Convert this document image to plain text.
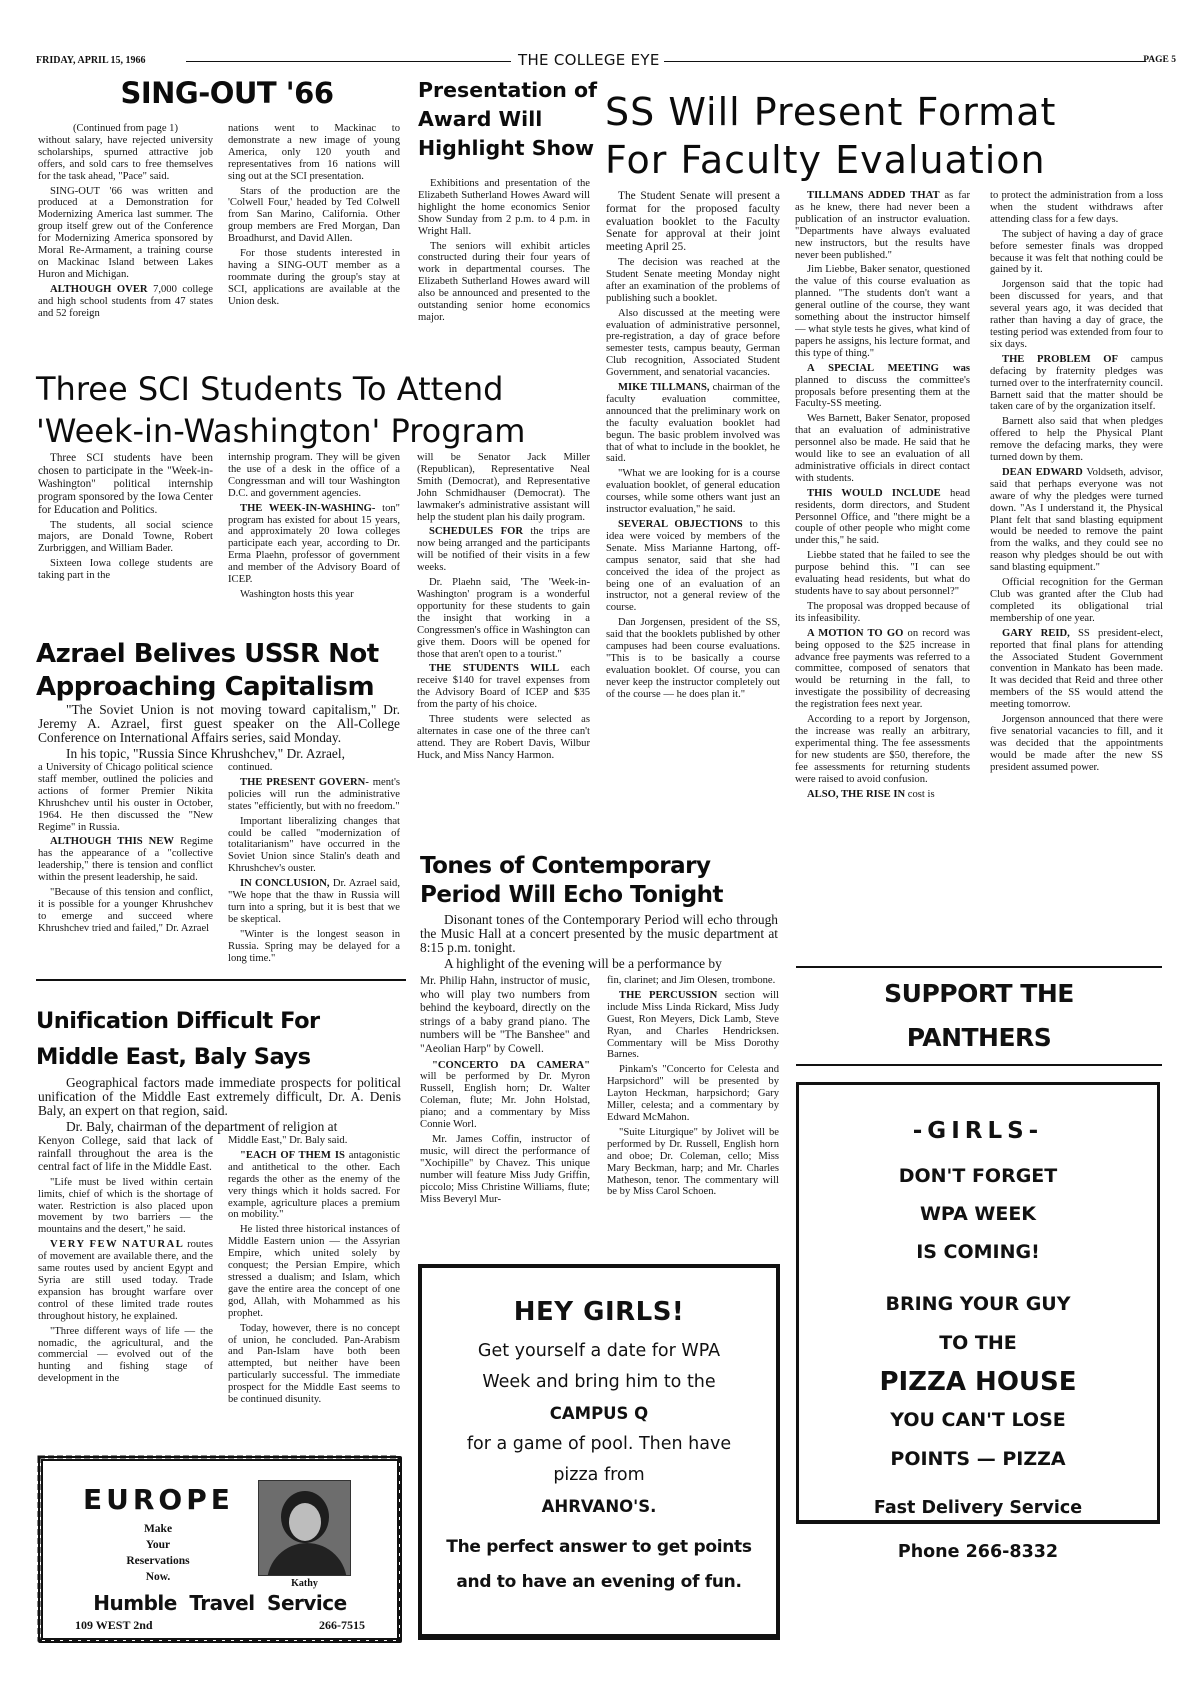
FRIDAY, APRIL 15, 1966	THE COLLEGE EYE	PAGE 5
SING-OUT '66

(Continued from page 1)

without salary, have rejected university scholarships, spurned attractive job offers, and sold cars to free themselves for the task ahead, "Pace" said.

SING-OUT '66 was written and produced at a Demonstration for Modernizing America last summer. The group itself grew out of the Conference for Modernizing America sponsored by Moral Re-Armament, a training course on Mackinac Island between Lakes Huron and Michigan.

ALTHOUGH OVER 7,000 college and high school students from 47 states and 52 foreign

nations went to Mackinac to demonstrate a new image of young America, only 120 youth and representatives from 16 nations will sing out at the SCI presentation.

Stars of the production are the 'Colwell Four,' headed by Ted Colwell from San Marino, California. Other group members are Fred Morgan, Dan Broadhurst, and David Allen.

For those students interested in having a SING-OUT member as a roommate during the group's stay at SCI, applications are available at the Union desk.

Presentation of
Award Will
Highlight Show

Exhibitions and presentation of the Elizabeth Sutherland Howes Award will highlight the home economics Senior Show Sunday from 2 p.m. to 4 p.m. in Wright Hall.

The seniors will exhibit articles constructed during their four years of work in departmental courses. The Elizabeth Sutherland Howes award will also be announced and presented to the outstanding senior home economics major.

SS Will Present Format
For Faculty Evaluation

The Student Senate will present a format for the proposed faculty evaluation booklet to the Faculty Senate for approval at their joint meeting April 25.

The decision was reached at the Student Senate meeting Monday night after an examination of the problems of publishing such a booklet.

Also discussed at the meeting were evaluation of administrative personnel, pre-registration, a day of grace before semester tests, campus beauty, German Club recognition, Associated Student Government, and senatorial vacancies.

MIKE TILLMANS, chairman of the faculty evaluation committee, announced that the preliminary work on the faculty evaluation booklet had begun. The basic problem involved was that of what to include in the booklet, he said.

"What we are looking for is a course evaluation booklet, of general education courses, while some others want just an instructor evaluation," he said.

SEVERAL OBJECTIONS to this idea were voiced by members of the Senate. Miss Marianne Hartong, off-campus senator, said that she had conceived the idea of the project as being one of an evaluation of an instructor, not a general review of the course.

Dan Jorgensen, president of the SS, said that the booklets published by other campuses had been course evaluations. "This is to be basically a course evaluation booklet. Of course, you can never keep the instructor completely out of the course — he does plan it."

TILLMANS ADDED THAT as far as he knew, there had never been a publication of an instructor evaluation. "Departments have always evaluated new instructors, but the results have never been published."

Jim Liebbe, Baker senator, questioned the value of this course evaluation as planned. "The students don't want a general outline of the course, they want something about the instructor himself — what style tests he gives, what kind of papers he assigns, his lecture format, and this type of thing."

A SPECIAL MEETING was planned to discuss the committee's proposals before presenting them at the Faculty-SS meeting.

Wes Barnett, Baker Senator, proposed that an evaluation of administrative personnel also be made. He said that he would like to see an evaluation of all administrative officials in direct contact with students.

THIS WOULD INCLUDE head residents, dorm directors, and Student Personnel Office, and "there might be a couple of other people who might come under this," he said.

Liebbe stated that he failed to see the purpose behind this. "I can see evaluating head residents, but what do students have to say about personnel?"

The proposal was dropped because of its infeasibility.

A MOTION TO GO on record was being opposed to the $25 increase in advance free payments was referred to a committee, composed of senators that would be returning in the fall, to investigate the possibility of decreasing the registration fees next year.

According to a report by Jorgenson, the increase was really an arbitrary, experimental thing. The fee assessments for new students are $50, therefore, the fee assessments for returning students were raised to avoid confusion.

ALSO, THE RISE IN cost is

to protect the administration from a loss when the student withdraws after attending class for a few days.

The subject of having a day of grace before semester finals was dropped because it was felt that nothing could be gained by it.

Jorgenson said that the topic had been discussed for years, and that several years ago, it was decided that rather than having a day of grace, the testing period was extended from four to six days.

THE PROBLEM OF campus defacing by fraternity pledges was turned over to the interfraternity council. Barnett said that the matter should be taken care of by the organization itself.

Barnett also said that when pledges offered to help the Physical Plant remove the defacing marks, they were turned down by them.

DEAN EDWARD Voldseth, advisor, said that perhaps everyone was not aware of why the pledges were turned down. "As I understand it, the Physical Plant felt that sand blasting equipment would be needed to remove the paint from the walks, and they could see no reason why pledges should be out with sand blasting equipment."

Official recognition for the German Club was granted after the Club had completed its obligational trial membership of one year.

GARY REID, SS president-elect, reported that final plans for attending the Associated Student Government convention in Mankato has been made. It was decided that Reid and three other members of the SS would attend the meeting tomorrow.

Jorgenson announced that there were five senatorial vacancies to fill, and it was decided that the appointments would be made after the new SS president assumed power.

Three SCI Students To Attend
'Week-in-Washington' Program

Three SCI students have been chosen to participate in the "Week-in-Washington" political internship program sponsored by the Iowa Center for Education and Politics.

The students, all social science majors, are Donald Towne, Robert Zurbriggen, and William Bader.

Sixteen Iowa college students are taking part in the

internship program. They will be given the use of a desk in the office of a Congressman and will tour Washington D.C. and government agencies.

THE WEEK-IN-WASHING- ton" program has existed for about 15 years, and approximately 20 Iowa colleges participate each year, according to Dr. Erma Plaehn, professor of government and member of the Advisory Board of ICEP.

Washington hosts this year

will be Senator Jack Miller (Republican), Representative Neal Smith (Democrat), and Representative John Schmidhauser (Democrat). The lawmaker's administrative assistant will help the student plan his daily program.

SCHEDULES FOR the trips are now being arranged and the participants will be notified of their visits in a few weeks.

Dr. Plaehn said, 'The 'Week-in-Washington' program is a wonderful opportunity for these students to gain the insight that working in a Congressmen's office in Washington can give them. Doors will be opened for those that aren't open to a tourist."

THE STUDENTS WILL each receive $140 for travel expenses from the Advisory Board of ICEP and $35 from the party of his choice.

Three students were selected as alternates in case one of the three can't attend. They are Robert Davis, Wilbur Huck, and Miss Nancy Harmon.

Azrael Belives USSR Not
Approaching Capitalism

"The Soviet Union is not moving toward capitalism," Dr. Jeremy A. Azrael, first guest speaker on the All-College Conference on International Affairs series, said Monday.

In his topic, "Russia Since Khrushchev," Dr. Azrael,

a University of Chicago political science staff member, outlined the policies and actions of former Premier Nikita Khrushchev until his ouster in October, 1964. He then discussed the "New Regime" in Russia.

ALTHOUGH THIS NEW Regime has the appearance of a "collective leadership," there is tension and conflict within the present leadership, he said.

"Because of this tension and conflict, it is possible for a younger Khrushchev to emerge and succeed where Khrushchev tried and failed," Dr. Azrael

continued.

THE PRESENT GOVERN- ment's policies will run the administrative states "efficiently, but with no freedom."

Important liberalizing changes that could be called "modernization of totalitarianism" have occurred in the Soviet Union since Stalin's death and Khrushchev's ouster.

IN CONCLUSION, Dr. Azrael said, "We hope that the thaw in Russia will turn into a spring, but it is best that we be skeptical.

"Winter is the longest season in Russia. Spring may be delayed for a long time."

Tones of Contemporary
Period Will Echo Tonight

Disonant tones of the Contemporary Period will echo through the Music Hall at a concert presented by the music department at 8:15 p.m. tonight.

A highlight of the evening will be a performance by

Mr. Philip Hahn, instructor of music, who will play two numbers from behind the keyboard, directly on the strings of a baby grand piano. The numbers will be "The Banshee" and "Aeolian Harp" by Cowell.

"CONCERTO DA CAMERA" will be performed by Dr. Myron Russell, English horn; Dr. Walter Coleman, flute; Mr. John Holstad, piano; and a commentary by Miss Connie Worl.

Mr. James Coffin, instructor of music, will direct the performance of "Xochipille" by Chavez. This unique number will feature Miss Judy Griffin, piccolo; Miss Christine Williams, flute; Miss Beveryl Mur-

fin, clarinet; and Jim Olesen, trombone.

THE PERCUSSION section will include Miss Linda Rickard, Miss Judy Guest, Ron Meyers, Dick Lamb, Steve Ryan, and Charles Hendricksen. Commentary will be Miss Dorothy Barnes.

Pinkam's "Concerto for Celesta and Harpsichord" will be presented by Layton Heckman, harpsichord; Gary Miller, celesta; and a commentary by Edward McMahon.

"Suite Liturgique" by Jolivet will be performed by Dr. Russell, English horn and oboe; Dr. Coleman, cello; Miss Mary Beckman, harp; and Mr. Charles Matheson, tenor. The commentary will be by Miss Carol Schoen.

Unification Difficult For
Middle East, Baly Says

Geographical factors made immediate prospects for political unification of the Middle East extremely difficult, Dr. A. Denis Baly, an expert on that region, said.

Dr. Baly, chairman of the department of religion at

Kenyon College, said that lack of rainfall throughout the area is the central fact of life in the Middle East.

"Life must be lived within certain limits, chief of which is the shortage of water. Restriction is also placed upon movement by two barriers — the mountains and the desert," he said.

VERY FEW NATURAL routes of movement are available there, and the same routes used by ancient Egypt and Syria are still used today. Trade expansion has brought warfare over control of these limited trade routes throughout history, he explained.

"Three different ways of life — the nomadic, the agricultural, and the commercial — evolved out of the hunting and fishing stage of development in the

Middle East," Dr. Baly said.

"EACH OF THEM IS antagonistic and antithetical to the other. Each regards the other as the enemy of the very things which it holds sacred. For example, agriculture places a premium on mobility."

He listed three historical instances of Middle Eastern union — the Assyrian Empire, which united solely by conquest; the Persian Empire, which stressed a dualism; and Islam, which gave the entire area the concept of one god, Allah, with Mohammed as his prophet.

Today, however, there is no concept of union, he concluded. Pan-Arabism and Pan-Islam have both been attempted, but neither have been particularly successful. The immediate prospect for the Middle East seems to be continued disunity.

EUROPE
Make
Your
Reservations
Now.
Kathy
Humble Travel Service
109 WEST 2nd	266-7515
HEY GIRLS!
Get yourself a date for WPA
Week and bring him to the
CAMPUS Q
for a game of pool. Then have
pizza from
AHRVANO'S.
The perfect answer to get points
and to have an evening of fun.
SUPPORT THE
PANTHERS
-GIRLS-
DON'T FORGET
WPA WEEK
IS COMING!
BRING YOUR GUY
TO THE
PIZZA HOUSE
YOU CAN'T LOSE
POINTS — PIZZA
Fast Delivery Service
Phone 266-8332
